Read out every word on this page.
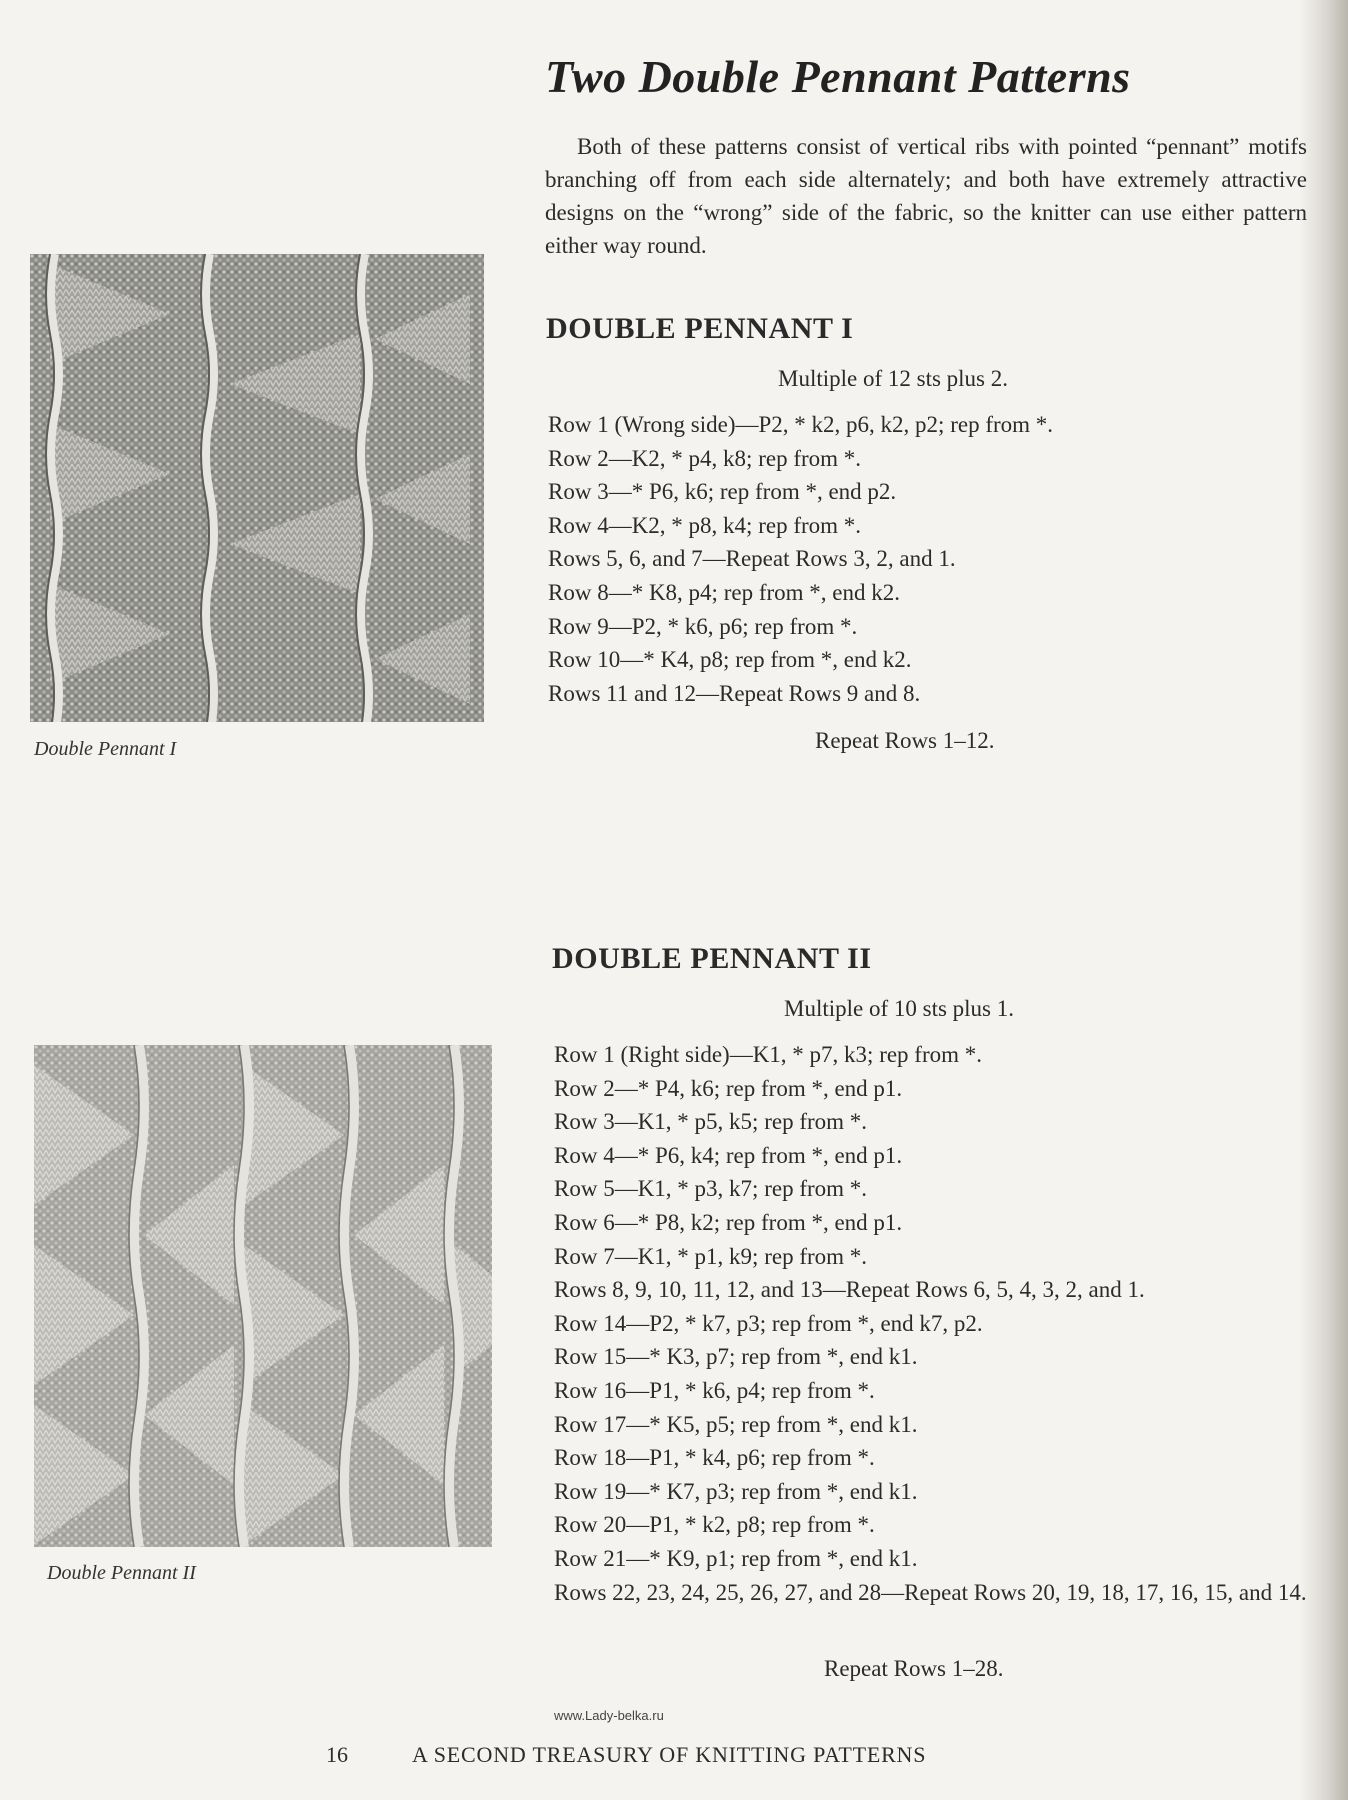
Two Double Pennant Patterns

Both of these patterns consist of vertical ribs with pointed “pennant” motifs branching off from each side alternately; and both have extremely attractive designs on the “wrong” side of the fabric, so the knitter can use either pattern either way round.

Double Pennant I

DOUBLE PENNANT I

Multiple of 12 sts plus 2.

Row 1 (Wrong side)—P2, * k2, p6, k2, p2; rep from *.
Row 2—K2, * p4, k8; rep from *.
Row 3—* P6, k6; rep from *, end p2.
Row 4—K2, * p8, k4; rep from *.
Rows 5, 6, and 7—Repeat Rows 3, 2, and 1.
Row 8—* K8, p4; rep from *, end k2.
Row 9—P2, * k6, p6; rep from *.
Row 10—* K4, p8; rep from *, end k2.
Rows 11 and 12—Repeat Rows 9 and 8.

Repeat Rows 1–12.

Double Pennant II

DOUBLE PENNANT II

Multiple of 10 sts plus 1.

Row 1 (Right side)—K1, * p7, k3; rep from *.
Row 2—* P4, k6; rep from *, end p1.
Row 3—K1, * p5, k5; rep from *.
Row 4—* P6, k4; rep from *, end p1.
Row 5—K1, * p3, k7; rep from *.
Row 6—* P8, k2; rep from *, end p1.
Row 7—K1, * p1, k9; rep from *.
Rows 8, 9, 10, 11, 12, and 13—Repeat Rows 6, 5, 4, 3, 2, and 1.
Row 14—P2, * k7, p3; rep from *, end k7, p2.
Row 15—* K3, p7; rep from *, end k1.
Row 16—P1, * k6, p4; rep from *.
Row 17—* K5, p5; rep from *, end k1.
Row 18—P1, * k4, p6; rep from *.
Row 19—* K7, p3; rep from *, end k1.
Row 20—P1, * k2, p8; rep from *.
Row 21—* K9, p1; rep from *, end k1.
Rows 22, 23, 24, 25, 26, 27, and 28—Repeat Rows 20, 19, 18, 17, 16, 15, and 14.

Repeat Rows 1–28.

www.Lady-belka.ru

16	A SECOND TREASURY OF KNITTING PATTERNS
